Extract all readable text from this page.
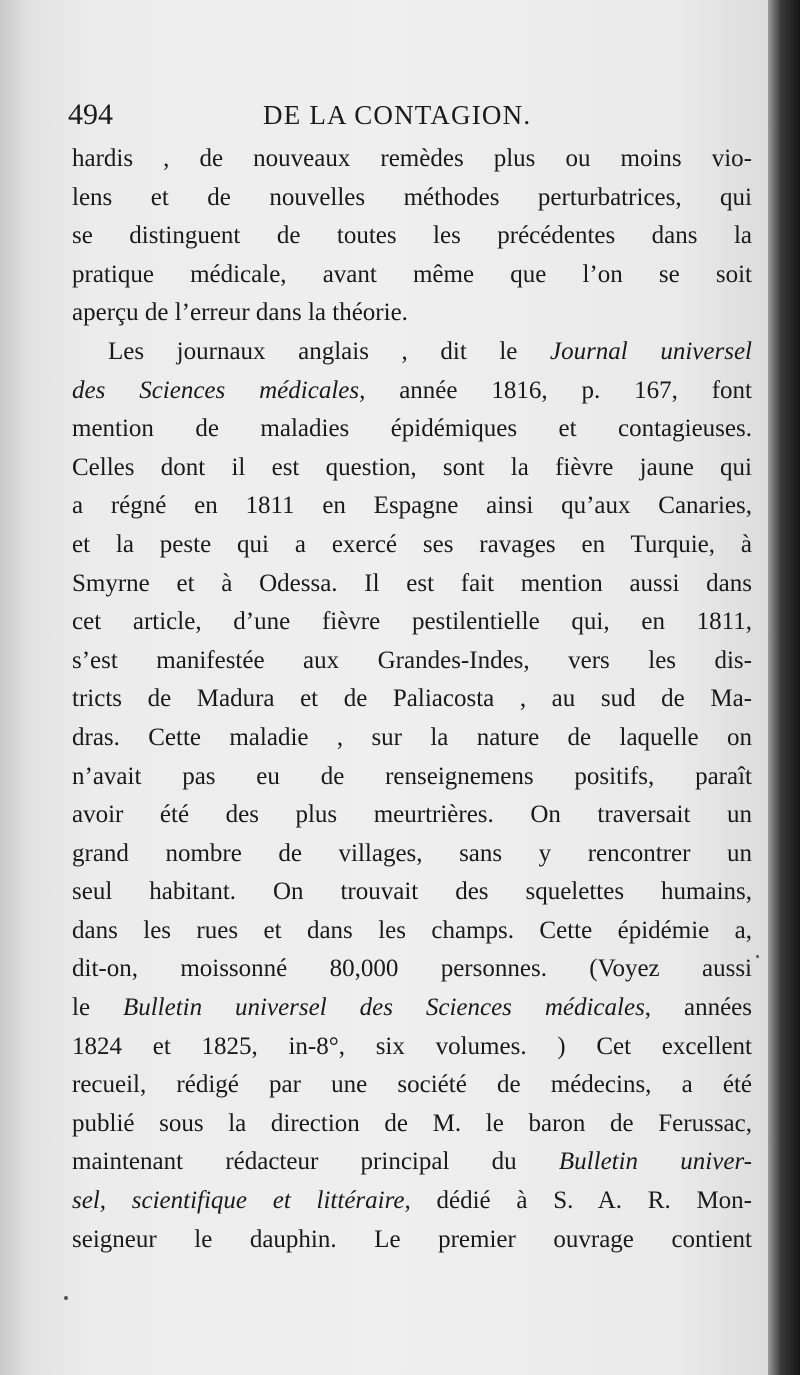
494	DE LA CONTAGION.
hardis , de nouveaux remèdes plus ou moins vio-
lens et de nouvelles méthodes perturbatrices, qui
se distinguent de toutes les précédentes dans la
pratique médicale, avant même que l’on se soit
aperçu de l’erreur dans la théorie.
Les journaux anglais , dit le Journal universel
des Sciences médicales, année 1816, p. 167, font
mention de maladies épidémiques et contagieuses.
Celles dont il est question, sont la fièvre jaune qui
a régné en 1811 en Espagne ainsi qu’aux Canaries,
et la peste qui a exercé ses ravages en Turquie, à
Smyrne et à Odessa. Il est fait mention aussi dans
cet article, d’une fièvre pestilentielle qui, en 1811,
s’est manifestée aux Grandes-Indes, vers les dis-
tricts de Madura et de Paliacosta , au sud de Ma-
dras. Cette maladie , sur la nature de laquelle on
n’avait pas eu de renseignemens positifs, paraît
avoir été des plus meurtrières. On traversait un
grand nombre de villages, sans y rencontrer un
seul habitant. On trouvait des squelettes humains,
dans les rues et dans les champs. Cette épidémie a,
dit-on, moissonné 80,000 personnes. (Voyez aussi
le Bulletin universel des Sciences médicales, années
1824 et 1825, in-8°, six volumes. ) Cet excellent
recueil, rédigé par une société de médecins, a été
publié sous la direction de M. le baron de Ferussac,
maintenant rédacteur principal du Bulletin univer-
sel, scientifique et littéraire, dédié à S. A. R. Mon-
seigneur le dauphin. Le premier ouvrage contient
